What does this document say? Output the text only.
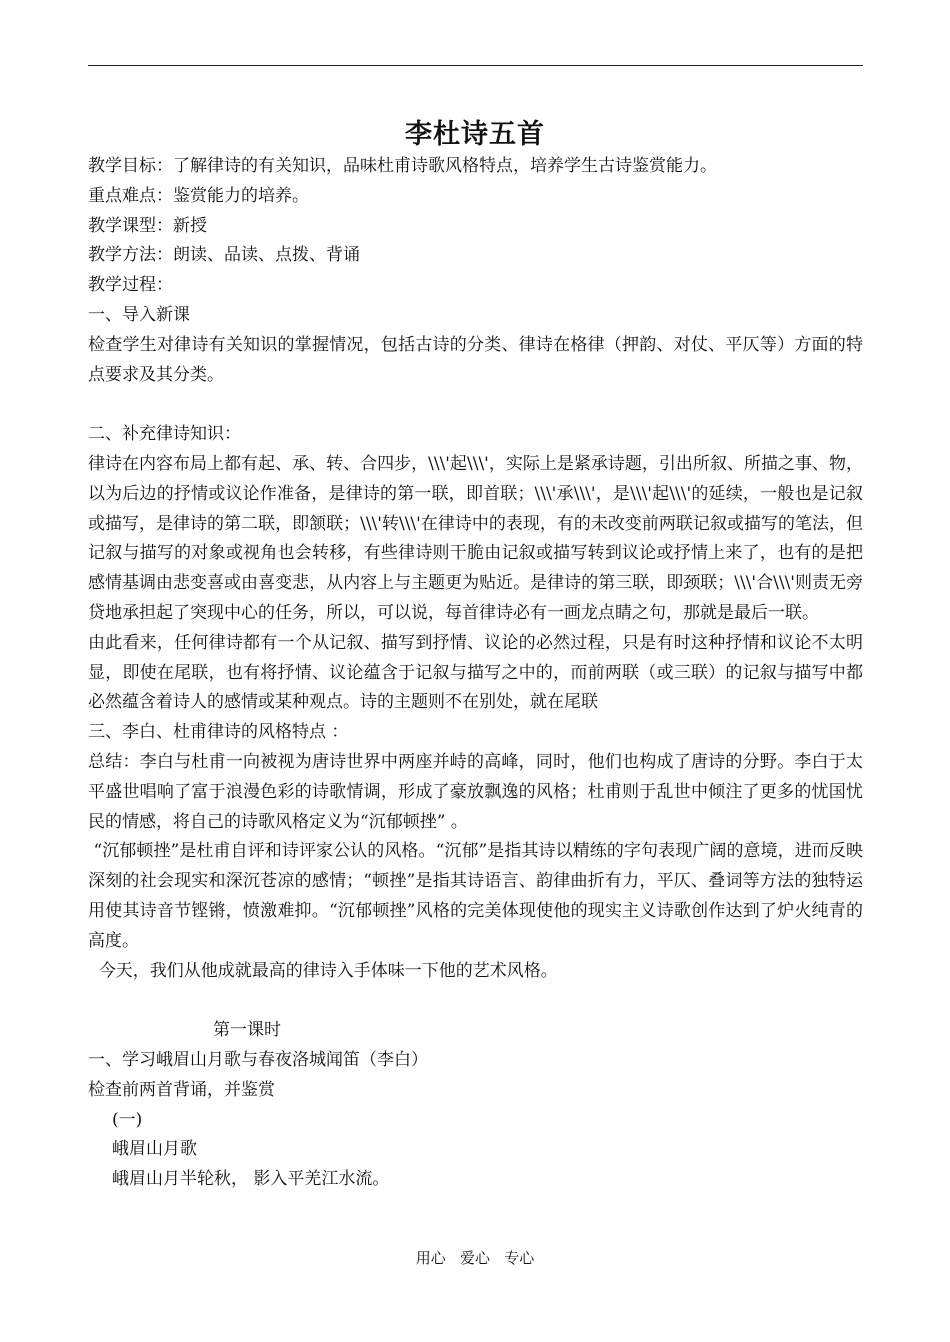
李杜诗五首

教学目标：了解律诗的有关知识，品味杜甫诗歌风格特点，培养学生古诗鉴赏能力。

重点难点：鉴赏能力的培养。

教学课型：新授

教学方法：朗读、品读、点拨、背诵

教学过程：

一、导入新课

检查学生对律诗有关知识的掌握情况，包括古诗的分类、律诗在格律（押韵、对仗、平仄等）方面的特点要求及其分类。

二、补充律诗知识：

律诗在内容布局上都有起、承、转、合四步，\\\'起\\\'，实际上是紧承诗题，引出所叙、所描之事、物，以为后边的抒情或议论作准备，是律诗的第一联，即首联；\\\'承\\\'，是\\\'起\\\'的延续，一般也是记叙或描写，是律诗的第二联，即颔联；\\\'转\\\'在律诗中的表现，有的未改变前两联记叙或描写的笔法，但记叙与描写的对象或视角也会转移，有些律诗则干脆由记叙或描写转到议论或抒情上来了，也有的是把感情基调由悲变喜或由喜变悲，从内容上与主题更为贴近。是律诗的第三联，即颈联；\\\'合\\\'则责无旁贷地承担起了突现中心的任务，所以，可以说，每首律诗必有一画龙点睛之句，那就是最后一联。

由此看来，任何律诗都有一个从记叙、描写到抒情、议论的必然过程，只是有时这种抒情和议论不太明显，即使在尾联，也有将抒情、议论蕴含于记叙与描写之中的，而前两联（或三联）的记叙与描写中都必然蕴含着诗人的感情或某种观点。诗的主题则不在别处，就在尾联

三、李白、杜甫律诗的风格特点 ：

总结：李白与杜甫一向被视为唐诗世界中两座并峙的高峰，同时，他们也构成了唐诗的分野。李白于太平盛世唱响了富于浪漫色彩的诗歌情调，形成了豪放飘逸的风格；杜甫则于乱世中倾注了更多的忧国忧民的情感，将自己的诗歌风格定义为“沉郁顿挫” 。

“沉郁顿挫”是杜甫自评和诗评家公认的风格。“沉郁”是指其诗以精练的字句表现广阔的意境，进而反映深刻的社会现实和深沉苍凉的感情；“顿挫”是指其诗语言、韵律曲折有力，平仄、叠词等方法的独特运用使其诗音节铿锵，愤激难抑。“沉郁顿挫”风格的完美体现使他的现实主义诗歌创作达到了炉火纯青的高度。

今天，我们从他成就最高的律诗入手体味一下他的艺术风格。

第一课时

一、学习峨眉山月歌与春夜洛城闻笛（李白）

检查前两首背诵，并鉴赏

(一)

峨眉山月歌

峨眉山月半轮秋， 影入平羌江水流。

用心   爱心   专心
